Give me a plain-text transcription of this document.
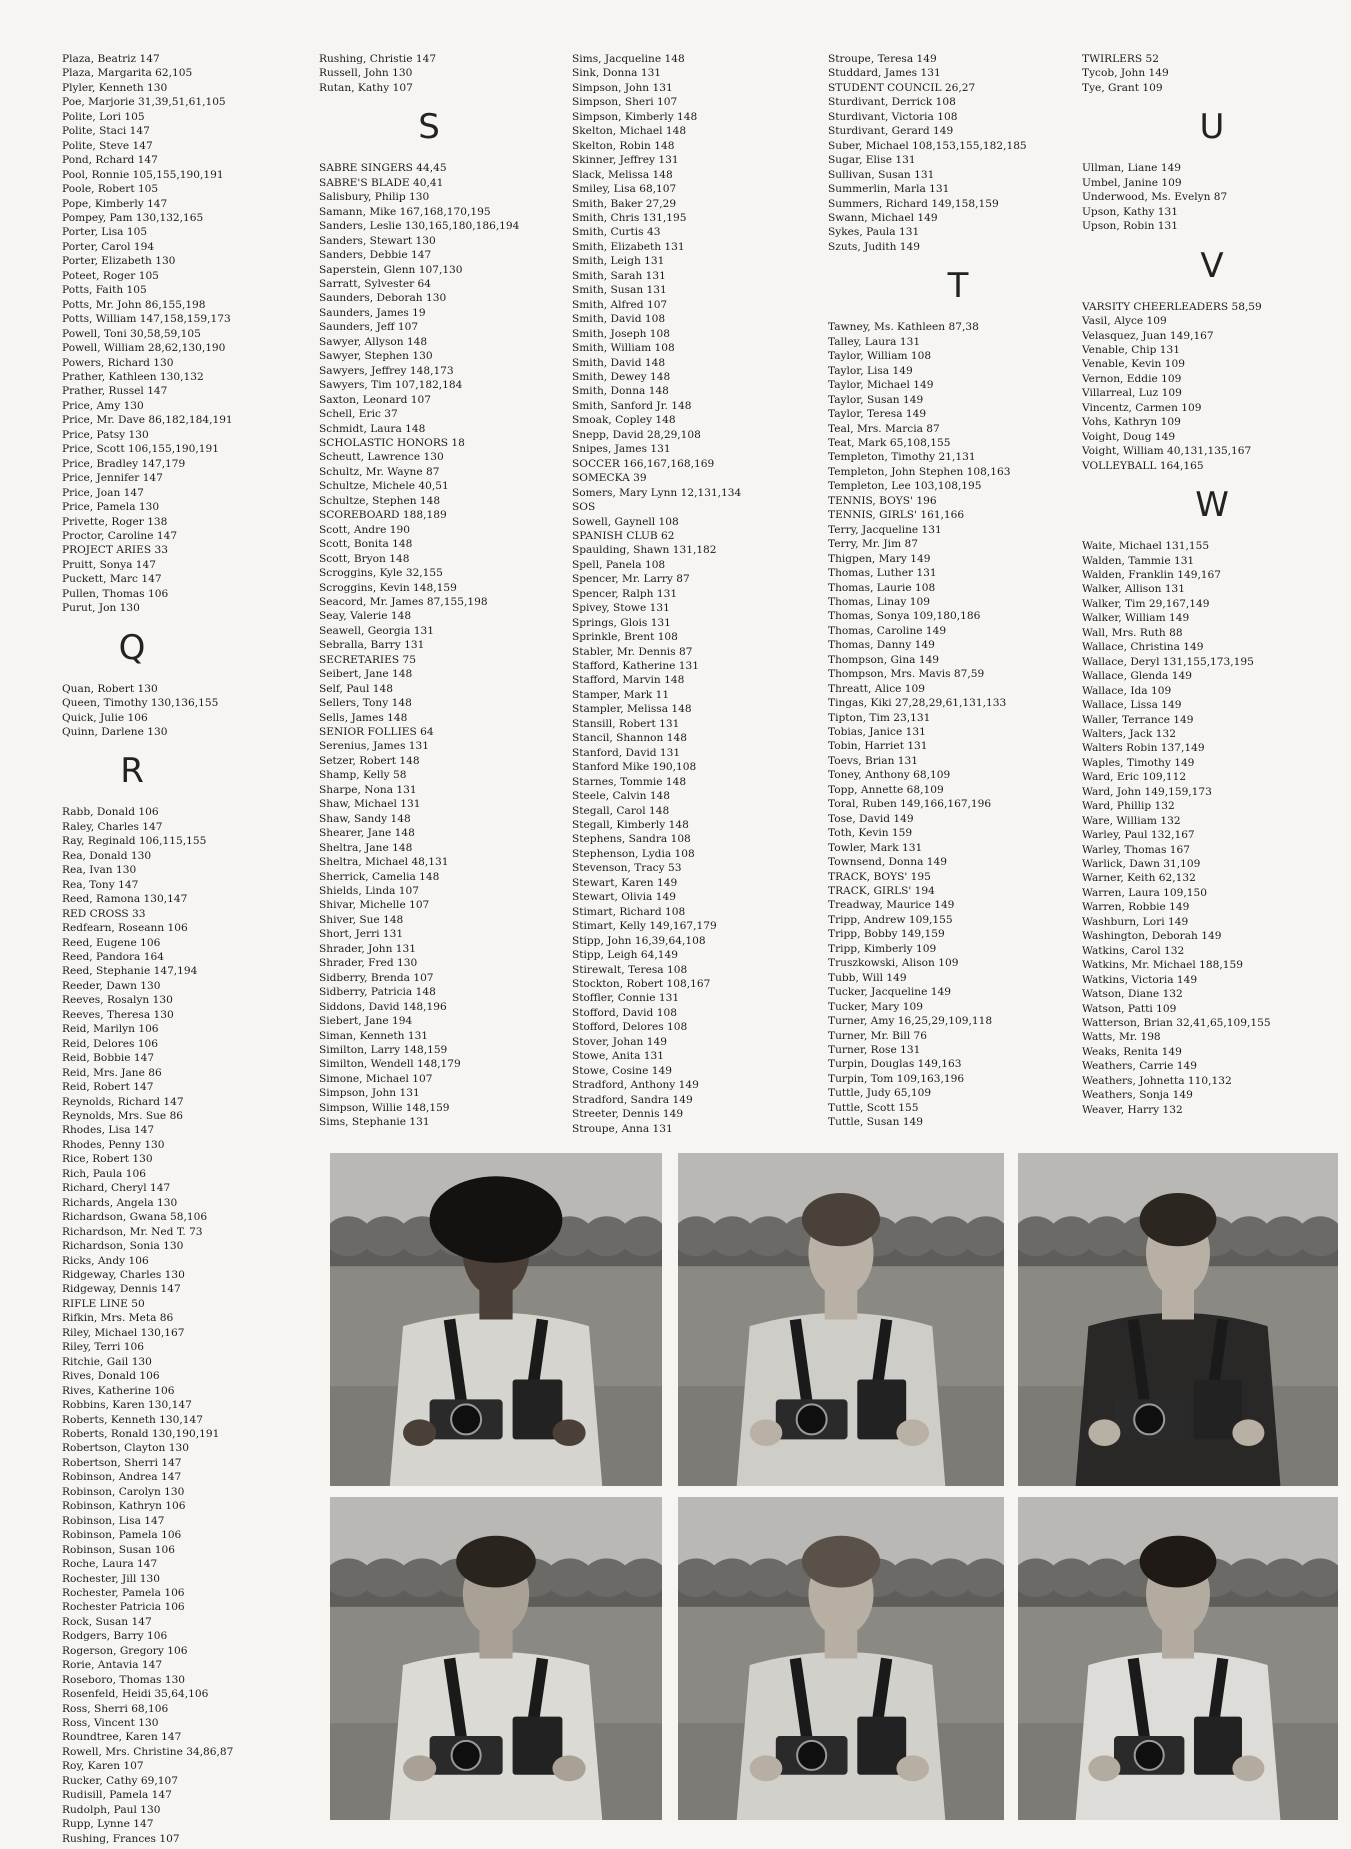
Plaza, Beatriz 147
Plaza, Margarita 62,105
Plyler, Kenneth 130
Poe, Marjorie 31,39,51,61,105
Polite, Lori 105
Polite, Staci 147
Polite, Steve 147
Pond, Rchard 147
Pool, Ronnie 105,155,190,191
Poole, Robert 105
Pope, Kimberly 147
Pompey, Pam 130,132,165
Porter, Lisa 105
Porter, Carol 194
Porter, Elizabeth 130
Poteet, Roger 105
Potts, Faith 105
Potts, Mr. John 86,155,198
Potts, William 147,158,159,173
Powell, Toni 30,58,59,105
Powell, William 28,62,130,190
Powers, Richard 130
Prather, Kathleen 130,132
Prather, Russel 147
Price, Amy 130
Price, Mr. Dave 86,182,184,191
Price, Patsy 130
Price, Scott 106,155,190,191
Price, Bradley 147,179
Price, Jennifer 147
Price, Joan 147
Price, Pamela 130
Privette, Roger 138
Proctor, Caroline 147
PROJECT ARIES 33
Pruitt, Sonya 147
Puckett, Marc 147
Pullen, Thomas 106
Purut, Jon 130
Q
Quan, Robert 130
Queen, Timothy 130,136,155
Quick, Julie 106
Quinn, Darlene 130
R
Rabb, Donald 106
Raley, Charles 147
Ray, Reginald 106,115,155
Rea, Donald 130
Rea, Ivan 130
Rea, Tony 147
Reed, Ramona 130,147
RED CROSS 33
Redfearn, Roseann 106
Reed, Eugene 106
Reed, Pandora 164
Reed, Stephanie 147,194
Reeder, Dawn 130
Reeves, Rosalyn 130
Reeves, Theresa 130
Reid, Marilyn 106
Reid, Delores 106
Reid, Bobbie 147
Reid, Mrs. Jane 86
Reid, Robert 147
Reynolds, Richard 147
Reynolds, Mrs. Sue 86
Rhodes, Lisa 147
Rhodes, Penny 130
Rice, Robert 130
Rich, Paula 106
Richard, Cheryl 147
Richards, Angela 130
Richardson, Gwana 58,106
Richardson, Mr. Ned T. 73
Richardson, Sonia 130
Ricks, Andy 106
Ridgeway, Charles 130
Ridgeway, Dennis 147
RIFLE LINE 50
Rifkin, Mrs. Meta 86
Riley, Michael 130,167
Riley, Terri 106
Ritchie, Gail 130
Rives, Donald 106
Rives, Katherine 106
Robbins, Karen 130,147
Roberts, Kenneth 130,147
Roberts, Ronald 130,190,191
Robertson, Clayton 130
Robertson, Sherri 147
Robinson, Andrea 147
Robinson, Carolyn 130
Robinson, Kathryn 106
Robinson, Lisa 147
Robinson, Pamela 106
Robinson, Susan 106
Roche, Laura 147
Rochester, Jill 130
Rochester, Pamela 106
Rochester Patricia 106
Rock, Susan 147
Rodgers, Barry 106
Rogerson, Gregory 106
Rorie, Antavia 147
Roseboro, Thomas 130
Rosenfeld, Heidi 35,64,106
Ross, Sherri 68,106
Ross, Vincent 130
Roundtree, Karen 147
Rowell, Mrs. Christine 34,86,87
Roy, Karen 107
Rucker, Cathy 69,107
Rudisill, Pamela 147
Rudolph, Paul 130
Rupp, Lynne 147
Rushing, Frances 107
Rushing, Christie 147
Russell, John 130
Rutan, Kathy 107
S
SABRE SINGERS 44,45
SABRE'S BLADE 40,41
Salisbury, Philip 130
Samann, Mike 167,168,170,195
Sanders, Leslie 130,165,180,186,194
Sanders, Stewart 130
Sanders, Debbie 147
Saperstein, Glenn 107,130
Sarratt, Sylvester 64
Saunders, Deborah 130
Saunders, James 19
Saunders, Jeff 107
Sawyer, Allyson 148
Sawyer, Stephen 130
Sawyers, Jeffrey 148,173
Sawyers, Tim 107,182,184
Saxton, Leonard 107
Schell, Eric 37
Schmidt, Laura 148
SCHOLASTIC HONORS 18
Scheutt, Lawrence 130
Schultz, Mr. Wayne 87
Schultze, Michele 40,51
Schultze, Stephen 148
SCOREBOARD 188,189
Scott, Andre 190
Scott, Bonita 148
Scott, Bryon 148
Scroggins, Kyle 32,155
Scroggins, Kevin 148,159
Seacord, Mr. James 87,155,198
Seay, Valerie 148
Seawell, Georgia 131
Sebralla, Barry 131
SECRETARIES 75
Seibert, Jane 148
Self, Paul 148
Sellers, Tony 148
Sells, James 148
SENIOR FOLLIES 64
Serenius, James 131
Setzer, Robert 148
Shamp, Kelly 58
Sharpe, Nona 131
Shaw, Michael 131
Shaw, Sandy 148
Shearer, Jane 148
Sheltra, Jane 148
Sheltra, Michael 48,131
Sherrick, Camelia 148
Shields, Linda 107
Shivar, Michelle 107
Shiver, Sue 148
Short, Jerri 131
Shrader, John 131
Shrader, Fred 130
Sidberry, Brenda 107
Sidberry, Patricia 148
Siddons, David 148,196
Siebert, Jane 194
Siman, Kenneth 131
Similton, Larry 148,159
Similton, Wendell 148,179
Simone, Michael 107
Simpson, John 131
Simpson, Willie 148,159
Sims, Stephanie 131
Sims, Jacqueline 148
Sink, Donna 131
Simpson, John 131
Simpson, Sheri 107
Simpson, Kimberly 148
Skelton, Michael 148
Skelton, Robin 148
Skinner, Jeffrey 131
Slack, Melissa 148
Smiley, Lisa 68,107
Smith, Baker 27,29
Smith, Chris 131,195
Smith, Curtis 43
Smith, Elizabeth 131
Smith, Leigh 131
Smith, Sarah 131
Smith, Susan 131
Smith, Alfred 107
Smith, David 108
Smith, Joseph 108
Smith, William 108
Smith, David 148
Smith, Dewey 148
Smith, Donna 148
Smith, Sanford Jr. 148
Smoak, Copley 148
Snepp, David 28,29,108
Snipes, James 131
SOCCER 166,167,168,169
SOMECKA 39
Somers, Mary Lynn 12,131,134
SOS
Sowell, Gaynell 108
SPANISH CLUB 62
Spaulding, Shawn 131,182
Spell, Panela 108
Spencer, Mr. Larry 87
Spencer, Ralph 131
Spivey, Stowe 131
Springs, Glois 131
Sprinkle, Brent 108
Stabler, Mr. Dennis 87
Stafford, Katherine 131
Stafford, Marvin 148
Stamper, Mark 11
Stampler, Melissa 148
Stansill, Robert 131
Stancil, Shannon 148
Stanford, David 131
Stanford Mike 190,108
Starnes, Tommie 148
Steele, Calvin 148
Stegall, Carol 148
Stegall, Kimberly 148
Stephens, Sandra 108
Stephenson, Lydia 108
Stevenson, Tracy 53
Stewart, Karen 149
Stewart, Olivia 149
Stimart, Richard 108
Stimart, Kelly 149,167,179
Stipp, John 16,39,64,108
Stipp, Leigh 64,149
Stirewalt, Teresa 108
Stockton, Robert 108,167
Stoffler, Connie 131
Stofford, David 108
Stofford, Delores 108
Stover, Johan 149
Stowe, Anita 131
Stowe, Cosine 149
Stradford, Anthony 149
Stradford, Sandra 149
Streeter, Dennis 149
Stroupe, Anna 131
Stroupe, Teresa 149
Studdard, James 131
STUDENT COUNCIL 26,27
Sturdivant, Derrick 108
Sturdivant, Victoria 108
Sturdivant, Gerard 149
Suber, Michael 108,153,155,182,185
Sugar, Elise 131
Sullivan, Susan 131
Summerlin, Marla 131
Summers, Richard 149,158,159
Swann, Michael 149
Sykes, Paula 131
Szuts, Judith 149
T
Tawney, Ms. Kathleen 87,38
Talley, Laura 131
Taylor, William 108
Taylor, Lisa 149
Taylor, Michael 149
Taylor, Susan 149
Taylor, Teresa 149
Teal, Mrs. Marcia 87
Teat, Mark 65,108,155
Templeton, Timothy 21,131
Templeton, John Stephen 108,163
Templeton, Lee 103,108,195
TENNIS, BOYS' 196
TENNIS, GIRLS' 161,166
Terry, Jacqueline 131
Terry, Mr. Jim 87
Thigpen, Mary 149
Thomas, Luther 131
Thomas, Laurie 108
Thomas, Linay 109
Thomas, Sonya 109,180,186
Thomas, Caroline 149
Thomas, Danny 149
Thompson, Gina 149
Thompson, Mrs. Mavis 87,59
Threatt, Alice 109
Tingas, Kiki 27,28,29,61,131,133
Tipton, Tim 23,131
Tobias, Janice 131
Tobin, Harriet 131
Toevs, Brian 131
Toney, Anthony 68,109
Topp, Annette 68,109
Toral, Ruben 149,166,167,196
Tose, David 149
Toth, Kevin 159
Towler, Mark 131
Townsend, Donna 149
TRACK, BOYS' 195
TRACK, GIRLS' 194
Treadway, Maurice 149
Tripp, Andrew 109,155
Tripp, Bobby 149,159
Tripp, Kimberly 109
Truszkowski, Alison 109
Tubb, Will 149
Tucker, Jacqueline 149
Tucker, Mary 109
Turner, Amy 16,25,29,109,118
Turner, Mr. Bill 76
Turner, Rose 131
Turpin, Douglas 149,163
Turpin, Tom 109,163,196
Tuttle, Judy 65,109
Tuttle, Scott 155
Tuttle, Susan 149
TWIRLERS 52
Tycob, John 149
Tye, Grant 109
U
Ullman, Liane 149
Umbel, Janine 109
Underwood, Ms. Evelyn 87
Upson, Kathy 131
Upson, Robin 131
V
VARSITY CHEERLEADERS 58,59
Vasil, Alyce 109
Velasquez, Juan 149,167
Venable, Chip 131
Venable, Kevin 109
Vernon, Eddie 109
Villarreal, Luz 109
Vincentz, Carmen 109
Vohs, Kathryn 109
Voight, Doug 149
Voight, William 40,131,135,167
VOLLEYBALL 164,165
W
Waite, Michael 131,155
Walden, Tammie 131
Walden, Franklin 149,167
Walker, Allison 131
Walker, Tim 29,167,149
Walker, William 149
Wall, Mrs. Ruth 88
Wallace, Christina 149
Wallace, Deryl 131,155,173,195
Wallace, Glenda 149
Wallace, Ida 109
Wallace, Lissa 149
Waller, Terrance 149
Walters, Jack 132
Walters Robin 137,149
Waples, Timothy 149
Ward, Eric 109,112
Ward, John 149,159,173
Ward, Phillip 132
Ware, William 132
Warley, Paul 132,167
Warley, Thomas 167
Warlick, Dawn 31,109
Warner, Keith 62,132
Warren, Laura 109,150
Warren, Robbie 149
Washburn, Lori 149
Washington, Deborah 149
Watkins, Carol 132
Watkins, Mr. Michael 188,159
Watkins, Victoria 149
Watson, Diane 132
Watson, Patti 109
Watterson, Brian 32,41,65,109,155
Watts, Mr. 198
Weaks, Renita 149
Weathers, Carrie 149
Weathers, Johnetta 110,132
Weathers, Sonja 149
Weaver, Harry 132
